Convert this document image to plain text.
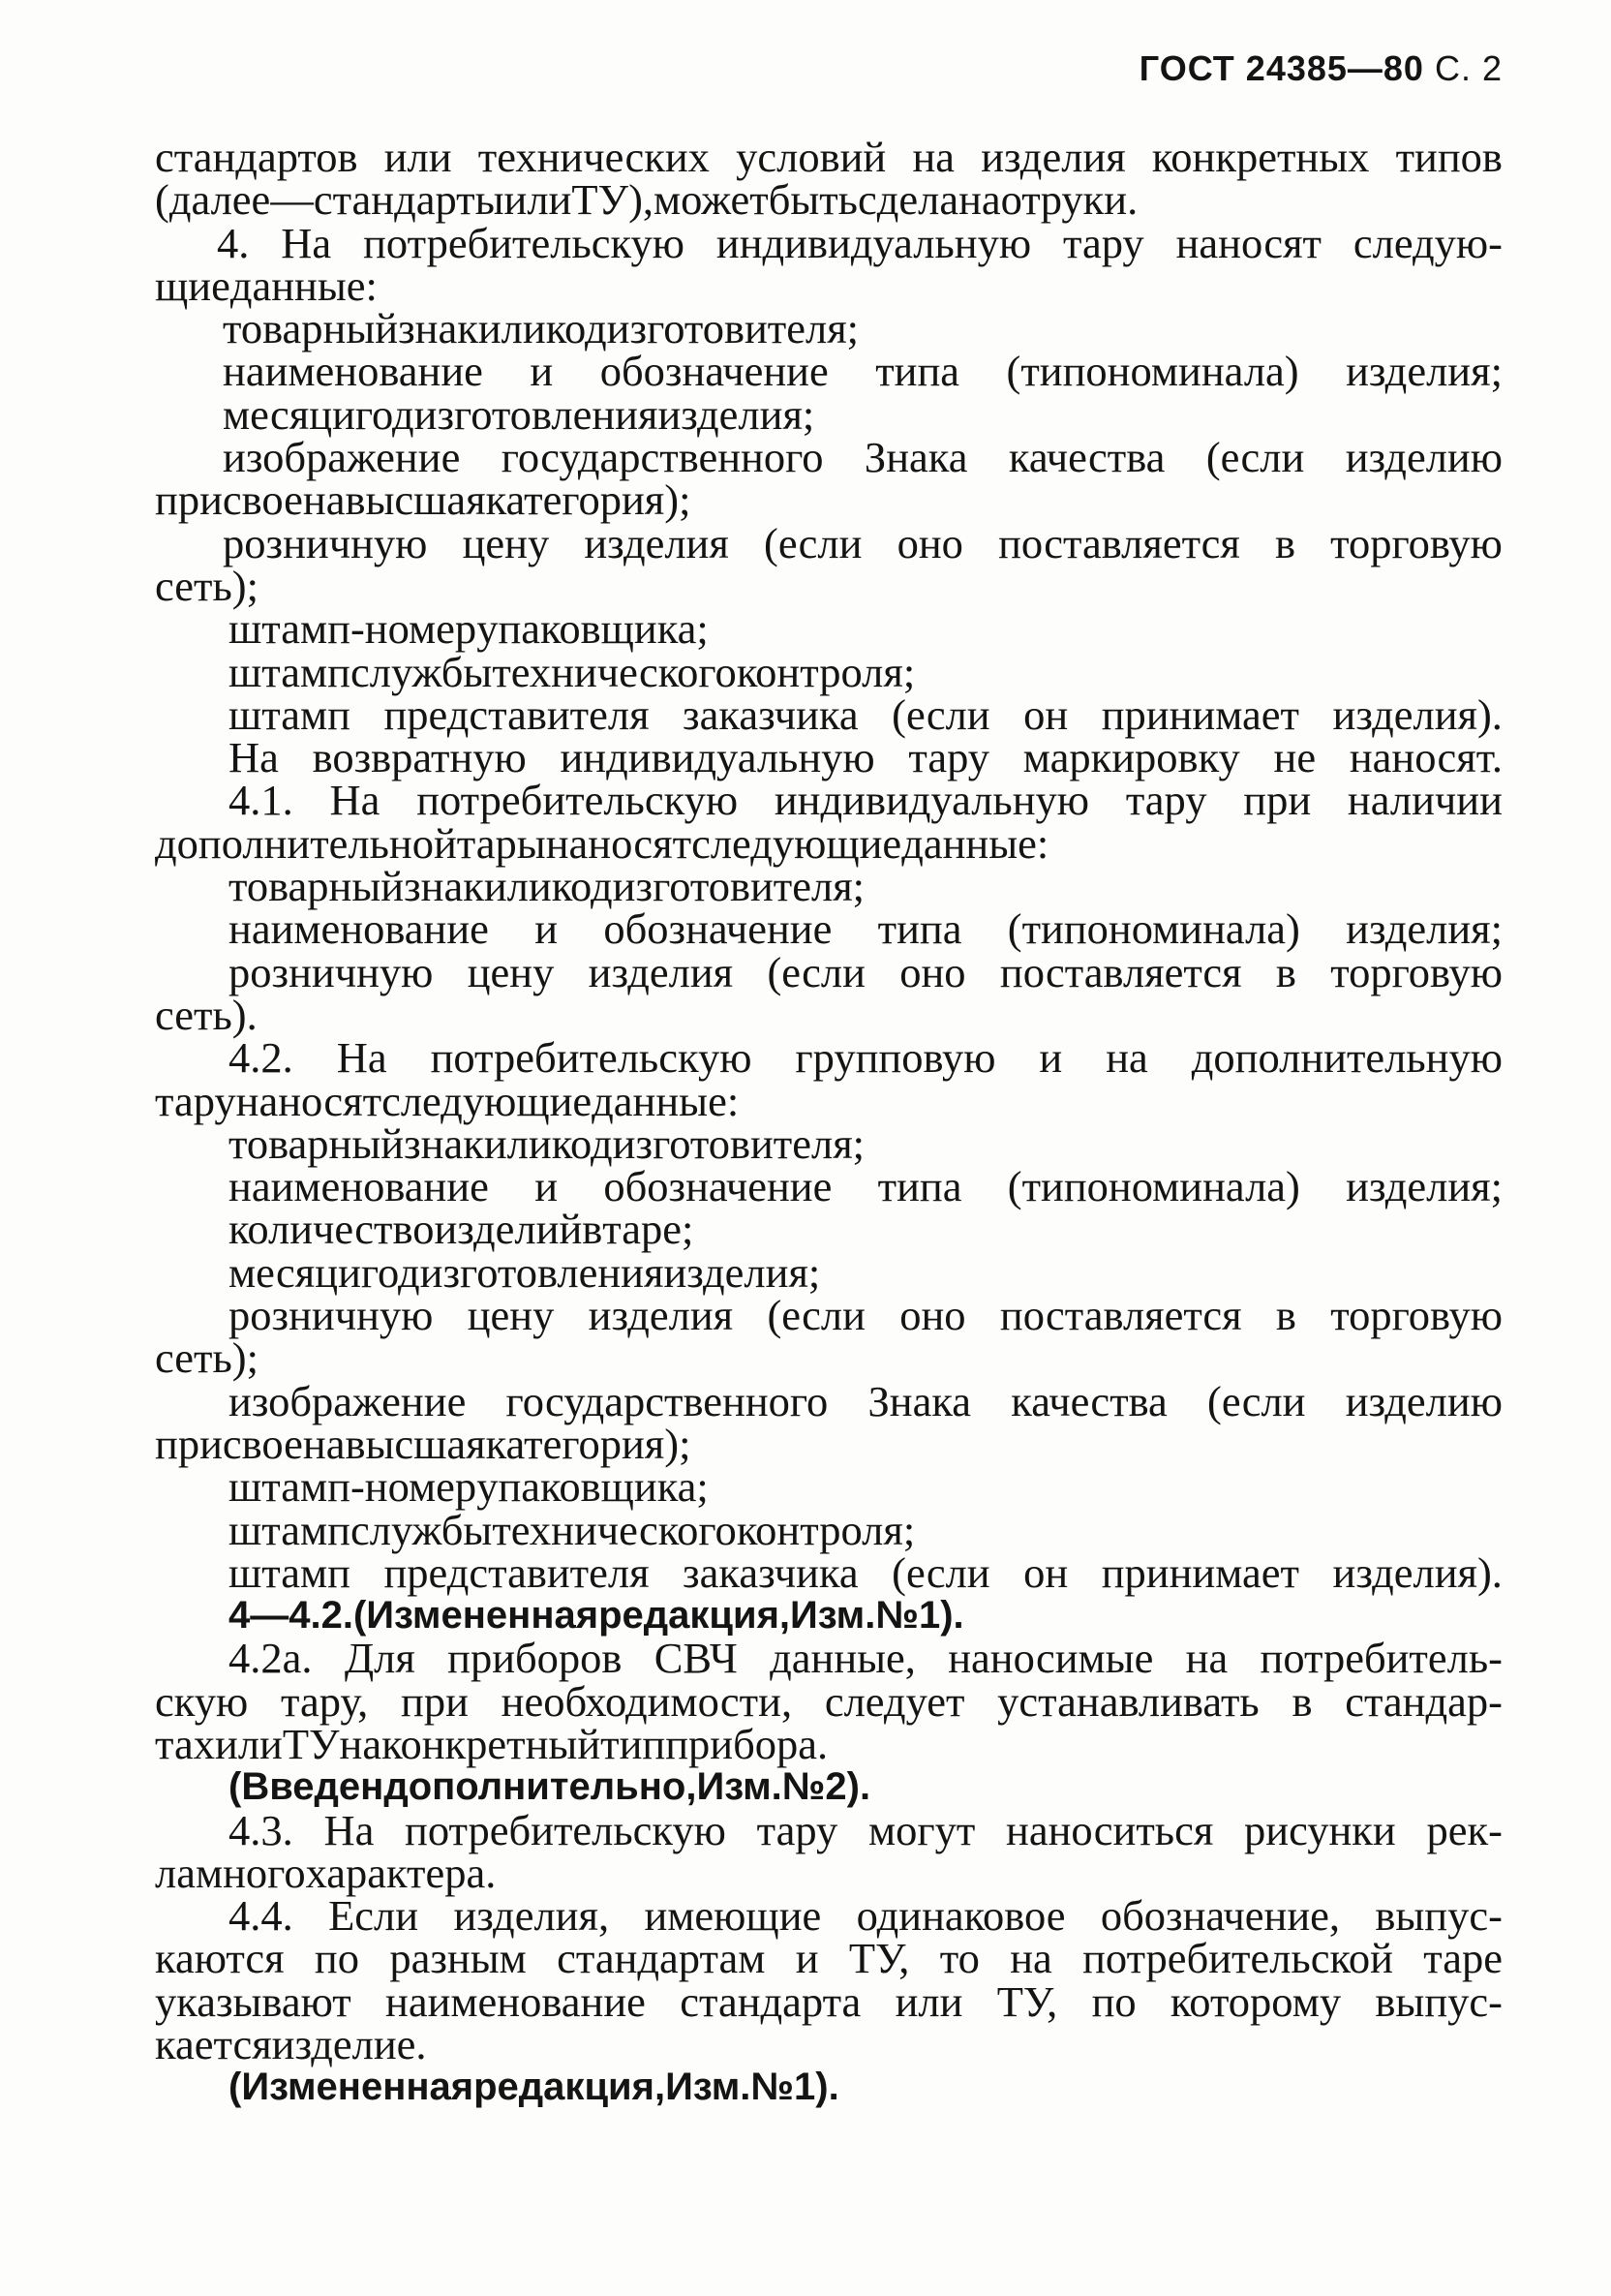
ГОСТ 24385—80 С. 2
стандартов или технических условий на изделия конкретных типов
(далее — стандарты или ТУ), может быть сделана от руки.
4. На потребительскую индивидуальную тару наносят следую-
щие данные:
товарный знак или код изготовителя;
наименование и обозначение типа (типономинала) изделия;
месяц и год изготовления изделия;
изображение государственного Знака качества (если изделию
присвоена высшая категория);
розничную цену изделия (если оно поставляется в торговую
сеть);
штамп-номер упаковщика;
штамп службы технического контроля;
штамп представителя заказчика (если он принимает изделия).
На возвратную индивидуальную тару маркировку не наносят.
4.1. На потребительскую индивидуальную тару при наличии
дополнительной тары наносят следующие данные:
товарный знак или код изготовителя;
наименование и обозначение типа (типономинала) изделия;
розничную цену изделия (если оно поставляется в торговую
сеть).
4.2. На потребительскую групповую и на дополнительную
тару наносят следующие данные:
товарный знак или код изготовителя;
наименование и обозначение типа (типономинала) изделия;
количество изделий в таре;
месяц и год изготовления изделия;
розничную цену изделия (если оно поставляется в торговую
сеть);
изображение государственного Знака качества (если изделию
присвоена высшая категория);
штамп-номер упаковщика;
штамп службы технического контроля;
штамп представителя заказчика (если он принимает изделия).
4—4.2. (Измененная редакция, Изм. № 1).
4.2а. Для приборов СВЧ данные, наносимые на потребитель-
скую тару, при необходимости, следует устанавливать в стандар-
тах или ТУ на конкретный тип прибора.
(Введен дополнительно, Изм. № 2).
4.3. На потребительскую тару могут наноситься рисунки рек-
ламного характера.
4.4. Если изделия, имеющие одинаковое обозначение, выпус-
каются по разным стандартам и ТУ, то на потребительской таре
указывают наименование стандарта или ТУ, по которому выпус-
кается изделие.
(Измененная редакция, Изм. № 1).
